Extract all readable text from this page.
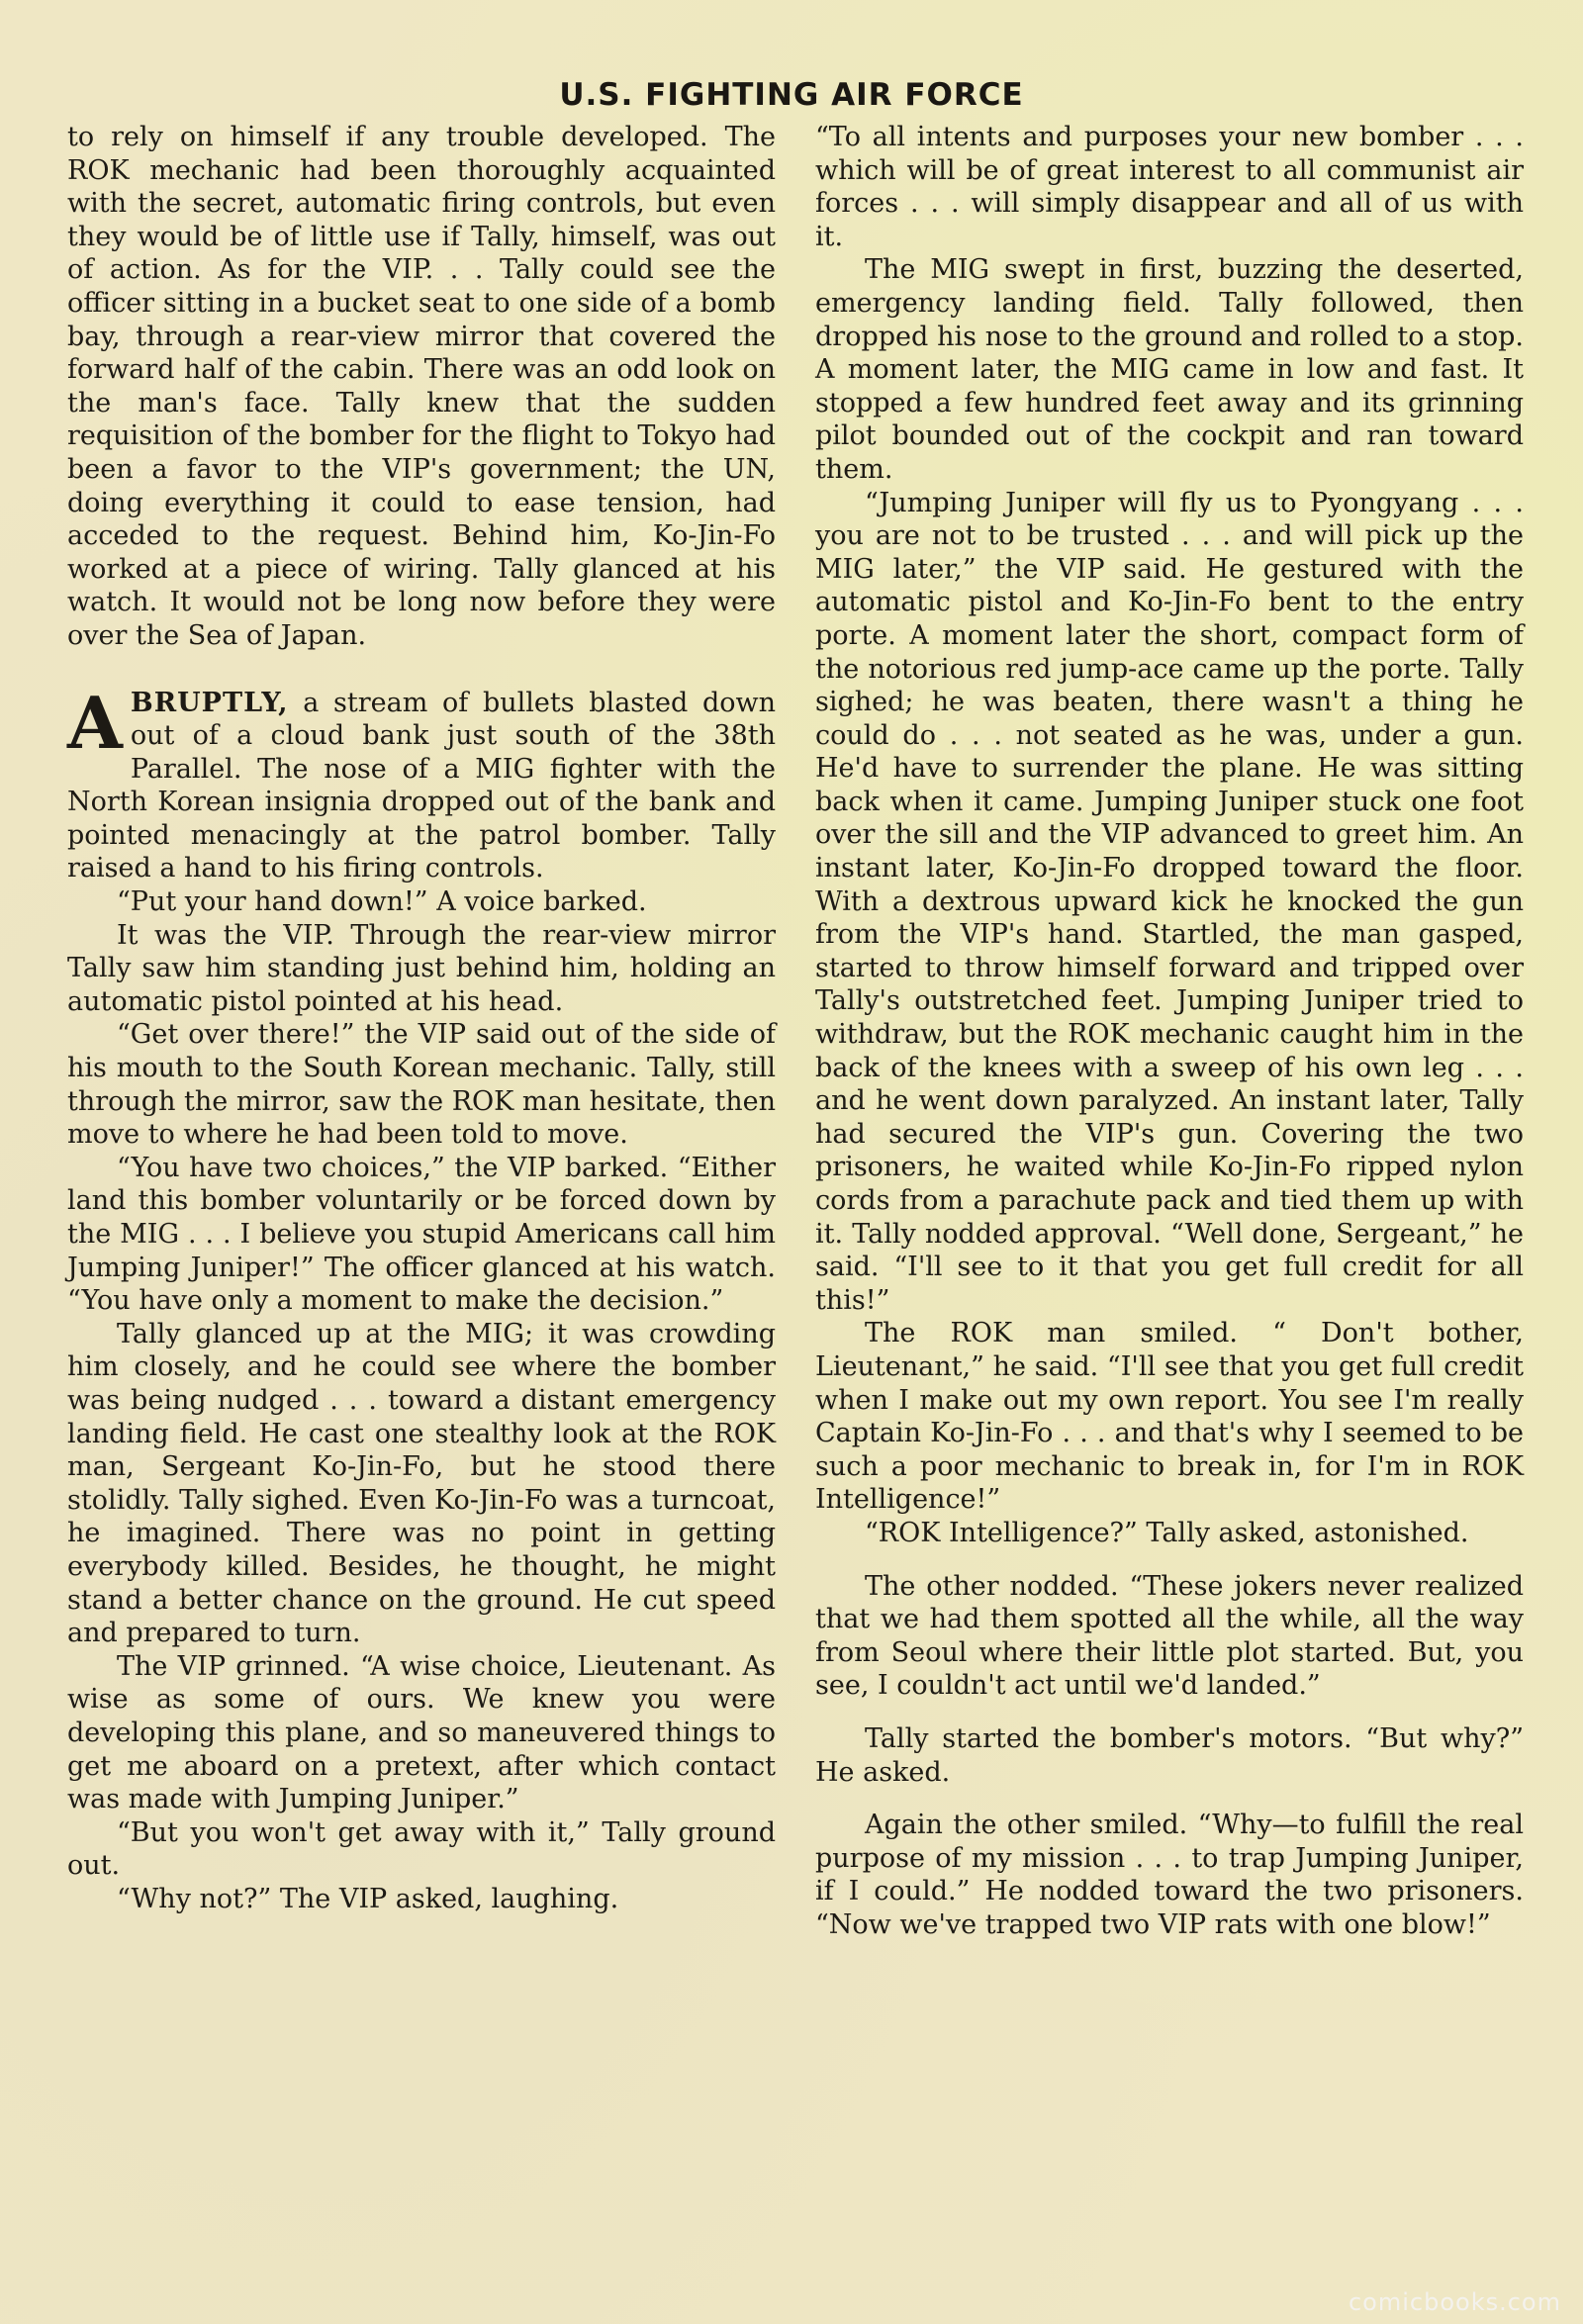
U.S. FIGHTING AIR FORCE

to rely on himself if any trouble developed. The ROK mechanic had been thoroughly acquainted with the secret, automatic firing controls, but even they would be of little use if Tally, himself, was out of action. As for the VIP. . . Tally could see the officer sitting in a bucket seat to one side of a bomb bay, through a rear-view mirror that covered the forward half of the cabin. There was an odd look on the man's face. Tally knew that the sudden requisition of the bomber for the flight to Tokyo had been a favor to the VIP's government; the UN, doing everything it could to ease tension, had acceded to the request. Behind him, Ko-Jin-Fo worked at a piece of wiring. Tally glanced at his watch. It would not be long now before they were over the Sea of Japan.

ABRUPTLY, a stream of bullets blasted down out of a cloud bank just south of the 38th Parallel. The nose of a MIG fighter with the North Korean insignia dropped out of the bank and pointed menacingly at the patrol bomber. Tally raised a hand to his firing controls.

“Put your hand down!” A voice barked.

It was the VIP. Through the rear-view mirror Tally saw him standing just behind him, holding an automatic pistol pointed at his head.

“Get over there!” the VIP said out of the side of his mouth to the South Korean mechanic. Tally, still through the mirror, saw the ROK man hesitate, then move to where he had been told to move.

“You have two choices,” the VIP barked. “Either land this bomber voluntarily or be forced down by the MIG . . . I believe you stupid Americans call him Jumping Juniper!” The officer glanced at his watch. “You have only a moment to make the decision.”

Tally glanced up at the MIG; it was crowding him closely, and he could see where the bomber was being nudged . . . toward a distant emergency landing field. He cast one stealthy look at the ROK man, Sergeant Ko-Jin-Fo, but he stood there stolidly. Tally sighed. Even Ko-Jin-Fo was a turncoat, he imagined. There was no point in getting everybody killed. Besides, he thought, he might stand a better chance on the ground. He cut speed and prepared to turn.

The VIP grinned. “A wise choice, Lieutenant. As wise as some of ours. We knew you were developing this plane, and so maneuvered things to get me aboard on a pretext, after which contact was made with Jumping Juniper.”

“But you won't get away with it,” Tally ground out.

“Why not?” The VIP asked, laughing.

“To all intents and purposes your new bomber . . . which will be of great interest to all communist air forces . . . will simply disappear and all of us with it.

The MIG swept in first, buzzing the deserted, emergency landing field. Tally followed, then dropped his nose to the ground and rolled to a stop. A moment later, the MIG came in low and fast. It stopped a few hundred feet away and its grinning pilot bounded out of the cockpit and ran toward them.

“Jumping Juniper will fly us to Pyongyang . . . you are not to be trusted . . . and will pick up the MIG later,” the VIP said. He gestured with the automatic pistol and Ko-Jin-Fo bent to the entry porte. A moment later the short, compact form of the notorious red jump-ace came up the porte. Tally sighed; he was beaten, there wasn't a thing he could do . . . not seated as he was, under a gun. He'd have to surrender the plane. He was sitting back when it came. Jumping Juniper stuck one foot over the sill and the VIP advanced to greet him. An instant later, Ko-Jin-Fo dropped toward the floor. With a dextrous upward kick he knocked the gun from the VIP's hand. Startled, the man gasped, started to throw himself forward and tripped over Tally's outstretched feet. Jumping Juniper tried to withdraw, but the ROK mechanic caught him in the back of the knees with a sweep of his own leg . . . and he went down paralyzed. An instant later, Tally had secured the VIP's gun. Covering the two prisoners, he waited while Ko-Jin-Fo ripped nylon cords from a parachute pack and tied them up with it. Tally nodded approval. “Well done, Sergeant,” he said. “I'll see to it that you get full credit for all this!”

The ROK man smiled. “ Don't bother, Lieutenant,” he said. “I'll see that you get full credit when I make out my own report. You see I'm really Captain Ko-Jin-Fo . . . and that's why I seemed to be such a poor mechanic to break in, for I'm in ROK Intelligence!”

“ROK Intelligence?” Tally asked, astonished.

The other nodded. “These jokers never realized that we had them spotted all the while, all the way from Seoul where their little plot started. But, you see, I couldn't act until we'd landed.”

Tally started the bomber's motors. “But why?” He asked.

Again the other smiled. “Why—to fulfill the real purpose of my mission . . . to trap Jumping Juniper, if I could.” He nodded toward the two prisoners. “Now we've trapped two VIP rats with one blow!”

comicbooks.com
